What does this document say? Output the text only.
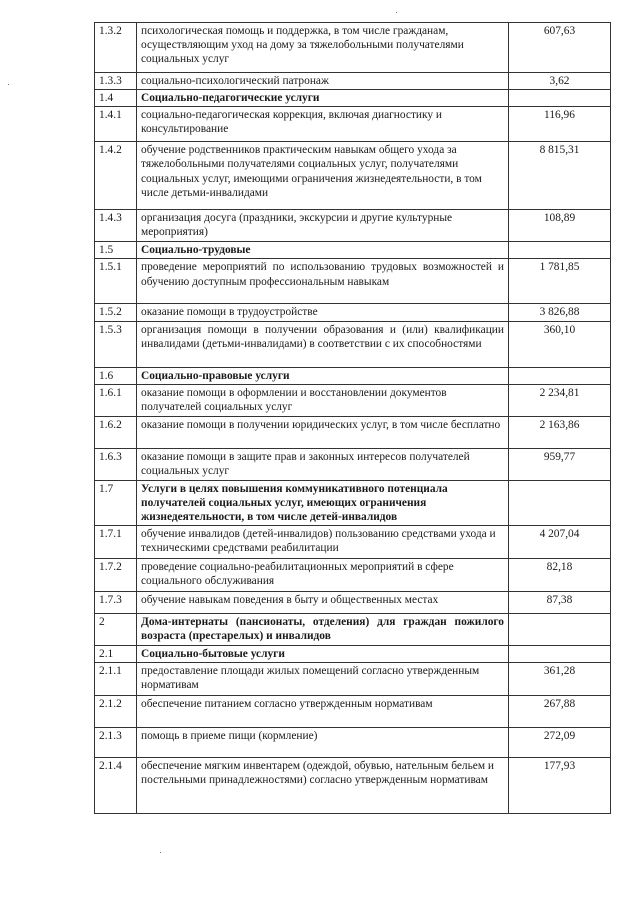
1.3.2	психологическая помощь и поддержка, в том числе гражданам, осуществляющим уход на дому за тяжелобольными получателями социальных услуг	607,63
1.3.3	социально-психологический патронаж	3,62
1.4	Социально-педагогические услуги	
1.4.1	социально-педагогическая коррекция, включая диагностику и консультирование	116,96
1.4.2	обучение родственников практическим навыкам общего ухода за тяжелобольными получателями социальных услуг, получателями социальных услуг, имеющими ограничения жизнедеятельности, в том числе детьми-инвалидами	8 815,31
1.4.3	организация досуга (праздники, экскурсии и другие культурные мероприятия)	108,89
1.5	Социально-трудовые	
1.5.1	проведение мероприятий по использованию трудовых возможностей и обучению доступным профессиональным навыкам	1 781,85
1.5.2	оказание помощи в трудоустройстве	3 826,88
1.5.3	организация помощи в получении образования и (или) квалификации инвалидами (детьми-инвалидами) в соответствии с их способностями	360,10
1.6	Социально-правовые услуги	
1.6.1	оказание помощи в оформлении и восстановлении документов получателей социальных услуг	2 234,81
1.6.2	оказание помощи в получении юридических услуг, в том числе бесплатно	2 163,86
1.6.3	оказание помощи в защите прав и законных интересов получателей социальных услуг	959,77
1.7	Услуги в целях повышения коммуникативного потенциала получателей социальных услуг, имеющих ограничения жизнедеятельности, в том числе детей-инвалидов	
1.7.1	обучение инвалидов (детей-инвалидов) пользованию средствами ухода и техническими средствами реабилитации	4 207,04
1.7.2	проведение социально-реабилитационных мероприятий в сфере социального обслуживания	82,18
1.7.3	обучение навыкам поведения в быту и общественных местах	87,38
2	Дома-интернаты (пансионаты, отделения) для граждан пожилого возраста (престарелых) и инвалидов	
2.1	Социально-бытовые услуги	
2.1.1	предоставление площади жилых помещений согласно утвержденным нормативам	361,28
2.1.2	обеспечение питанием согласно утвержденным нормативам	267,88
2.1.3	помощь в приеме пищи (кормление)	272,09
2.1.4	обеспечение мягким инвентарем (одеждой, обувью, нательным бельем и постельными принадлежностями) согласно утвержденным нормативам	177,93
